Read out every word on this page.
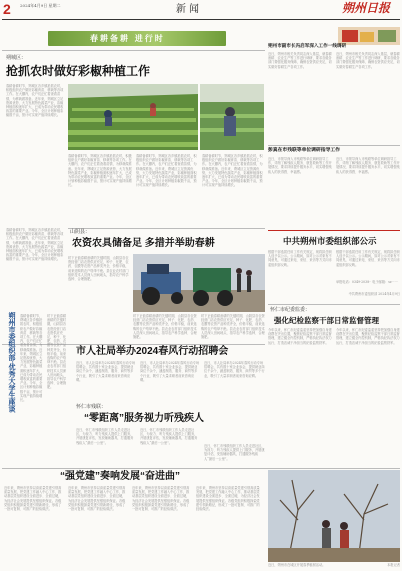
2 2024年4月9日 星期二	新闻	朔州日报
春耕备耕 进行时
朔城区：
抢抓农时做好彩椒种植工作
春耕备耕时节，朔城区各乡镇抢抓农时，积极组织农户做好彩椒育苗、移栽等各项工作。在大棚内，农户们正忙着查看苗情，为移栽做准备。近年来，朔城区立足资源优势，大力发展特色蔬菜产业，彩椒种植面积逐年扩大，已成为带动农民增收致富的重要产业。今年，全区计划种植彩椒数千亩，预计可实现产值持续增长。
春耕备耕时节，朔城区各乡镇抢抓农时，积极组织农户做好彩椒育苗、移栽等各项工作。在大棚内，农户们正忙着查看苗情，为移栽做准备。近年来，朔城区立足资源优势，大力发展特色蔬菜产业，彩椒种植面积逐年扩大，已成为带动农民增收致富的重要产业。今年，全区计划种植彩椒数千亩，预计可实现产值持续增长。
春耕备耕时节，朔城区各乡镇抢抓农时，积极组织农户做好彩椒育苗、移栽等各项工作。在大棚内，农户们正忙着查看苗情，为移栽做准备。近年来，朔城区立足资源优势，大力发展特色蔬菜产业，彩椒种植面积逐年扩大，已成为带动农民增收致富的重要产业。今年，全区计划种植彩椒数千亩，预计可实现产值持续增长。
春耕备耕时节，朔城区各乡镇抢抓农时，积极组织农户做好彩椒育苗、移栽等各项工作。在大棚内，农户们正忙着查看苗情，为移栽做准备。近年来，朔城区立足资源优势，大力发展特色蔬菜产业，彩椒种植面积逐年扩大，已成为带动农民增收致富的重要产业。今年，全区计划种植彩椒数千亩，预计可实现产值持续增长。
春耕备耕时节，朔城区各乡镇抢抓农时，积极组织农户做好彩椒育苗、移栽等各项工作。在大棚内，农户们正忙着查看苗情，为移栽做准备。近年来，朔城区立足资源优势，大力发展特色蔬菜产业，彩椒种植面积逐年扩大，已成为带动农民增收致富的重要产业。今年，全区计划种植彩椒数千亩，预计可实现产值持续增长。
山阴县：
农资农具储备足 多措并举助春耕
时下正值春耕备耕的关键时期，山阴县各农资经营门店农资供应充足，种子、化肥、农药、农膜等农资产品种类齐全，价格平稳，前来选购的农户络绎不绝。县农业农村部门组织技术人员深入田间地头，指导农户科学选种、合理施肥。
时下正值春耕备耕的关键时期，山阴县各农资经营门店农资供应充足，种子、化肥、农药、农膜等农资产品种类齐全，价格平稳，前来选购的农户络绎不绝。县农业农村部门组织技术人员深入田间地头，指导农户科学选种、合理施肥。
时下正值春耕备耕的关键时期，山阴县各农资经营门店农资供应充足，种子、化肥、农药、农膜等农资产品种类齐全，价格平稳，前来选购的农户络绎不绝。县农业农村部门组织技术人员深入田间地头，指导农户科学选种、合理施肥。
朔州市副市长冯启军深入工作一线调研
近日，朔州市相关负责同志深入基层，就春耕备耕、农业生产等工作进行调研，要求各级各部门要强化服务保障，确保农资供应充足，切实做好春耕生产各项工作。
近日，朔州市相关负责同志深入基层，就春耕备耕、农业生产等工作进行调研，要求各级各部门要强化服务保障，确保农资供应充足，切实做好春耕生产各项工作。
彭真在市残联等单位调研指导工作
近日，市领导深入市残联等单位调研指导工作，详细了解残疾人服务、康复救助等工作开展情况，要求持续提升服务水平，切实增强残疾人的获得感、幸福感。
近日，市领导深入市残联等单位调研指导工作，详细了解残疾人服务、康复救助等工作开展情况，要求持续提升服务水平，切实增强残疾人的获得感、幸福感。
中共朔州市委组织部公示
根据干部选拔任用工作有关规定，现将拟任职人选予以公示。公示期间，如对公示对象有不同意见，可通过来电、来信、来访等方式向市委组织部反映。
根据干部选拔任用工作有关规定，现将拟任职人选予以公示。公示期间，如对公示对象有不同意见，可通过来电、来信、来访等方式向市委组织部反映。
举报电话：0349-2038·· 电子邮箱：sz······
中共朔州市委组织部 2024年4月9日
朔州市委组织部·优秀大学生座谈 春耕备耕时节，朔城区各乡镇抢抓农时，积极组织农户做好彩椒育苗、移栽等各项工作。在大棚内，农户们正忙着查看苗情，为移栽做准备。近年来，朔城区立足资源优势，大力发展特色蔬菜产业，彩椒种植面积逐年扩大，已成为带动农民增收致富的重要产业。今年，全区计划种植彩椒数千亩，预计可实现产值持续增长。
时下正值春耕备耕的关键时期，山阴县各农资经营门店农资供应充足，种子、化肥、农药、农膜等农资产品种类齐全，价格平稳，前来选购的农户络绎不绝。县农业农村部门组织技术人员深入田间地头，指导农户科学选种、合理施肥。
市人社局举办2024春风行动招聘会
近日，市人社局举办2024年春风行动专场招聘会，共有数十家企业参会，提供就业岗位千余个，涵盖制造、服务、商贸等多个行业，吸引了大量求职者前来咨询应聘。
近日，市人社局举办2024年春风行动专场招聘会，共有数十家企业参会，提供就业岗位千余个，涵盖制造、服务、商贸等多个行业，吸引了大量求职者前来咨询应聘。
近日，市人社局举办2024年春风行动专场招聘会，共有数十家企业参会，提供就业岗位千余个，涵盖制造、服务、商贸等多个行业，吸引了大量求职者前来咨询应聘。
怀仁市残联：
“零距离”服务视力听残疾人
近日，怀仁市残联组织工作人员走进社区，为视力、听力残疾人提供上门服务，开展康复评估，发放辅助器具，打通服务残疾人“最后一公里”。
近日，怀仁市残联组织工作人员走进社区，为视力、听力残疾人提供上门服务，开展康复评估，发放辅助器具，打通服务残疾人“最后一公里”。
近日，怀仁市残联组织工作人员走进社区，为视力、听力残疾人提供上门服务，开展康复评估，发放辅助器具，打通服务残疾人“最后一公里”。
怀仁市纪委监委：
强化纪检监察干部日常监督管理
今年以来，怀仁市纪委监委坚持把加强自身建设摆在突出位置，聚焦纪检监察干部日常监督管理，建立健全内控机制，严格执纪执法权力运行，打造忠诚干净担当的纪检监察铁军。
今年以来，怀仁市纪委监委坚持把加强自身建设摆在突出位置，聚焦纪检监察干部日常监督管理，建立健全内控机制，严格执纪执法权力运行，打造忠诚干净担当的纪检监察铁军。
“强党建”奏响发展“奋进曲”
近年来，朔州市坚持以高质量党建引领高质量发展，把党建工作融入中心工作，推动基层党组织建设全面进步、全面过硬，为经济社会发展提供坚强组织保证。各级党组织积极探索党建引领新路径，形成了一批可复制、可推广的经验做法。
近年来，朔州市坚持以高质量党建引领高质量发展，把党建工作融入中心工作，推动基层党组织建设全面进步、全面过硬，为经济社会发展提供坚强组织保证。各级党组织积极探索党建引领新路径，形成了一批可复制、可推广的经验做法。
近年来，朔州市坚持以高质量党建引领高质量发展，把党建工作融入中心工作，推动基层党组织建设全面进步、全面过硬，为经济社会发展提供坚强组织保证。各级党组织积极探索党建引领新路径，形成了一批可复制、可推广的经验做法。
近年来，朔州市坚持以高质量党建引领高质量发展，把党建工作融入中心工作，推动基层党组织建设全面进步、全面过硬，为经济社会发展提供坚强组织保证。各级党组织积极探索党建引领新路径，形成了一批可复制、可推广的经验做法。
近日，朔州市在城区开展春季植树活动。	本报记者
